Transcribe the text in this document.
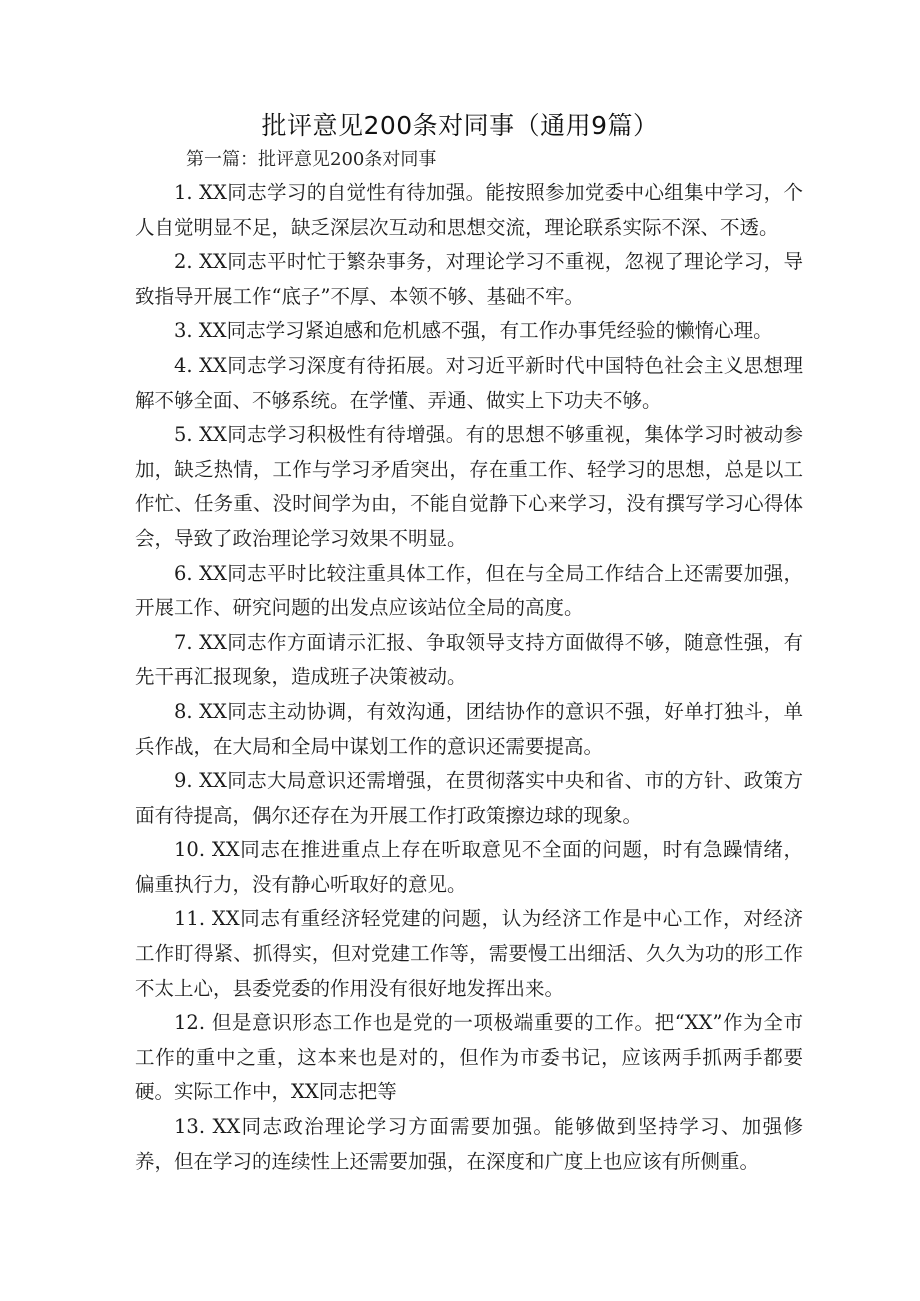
批评意见200条对同事（通用9篇）
第一篇：批评意见200条对同事

1. XX同志学习的自觉性有待加强。能按照参加党委中心组集中学习，个人自觉明显不足，缺乏深层次互动和思想交流，理论联系实际不深、不透。

2. XX同志平时忙于繁杂事务，对理论学习不重视，忽视了理论学习，导致指导开展工作“底子”不厚、本领不够、基础不牢。

3. XX同志学习紧迫感和危机感不强，有工作办事凭经验的懒惰心理。

4. XX同志学习深度有待拓展。对习近平新时代中国特色社会主义思想理解不够全面、不够系统。在学懂、弄通、做实上下功夫不够。

5. XX同志学习积极性有待增强。有的思想不够重视，集体学习时被动参加，缺乏热情，工作与学习矛盾突出，存在重工作、轻学习的思想，总是以工作忙、任务重、没时间学为由，不能自觉静下心来学习，没有撰写学习心得体会，导致了政治理论学习效果不明显。

6. XX同志平时比较注重具体工作，但在与全局工作结合上还需要加强，开展工作、研究问题的出发点应该站位全局的高度。

7. XX同志作方面请示汇报、争取领导支持方面做得不够，随意性强，有先干再汇报现象，造成班子决策被动。

8. XX同志主动协调，有效沟通，团结协作的意识不强，好单打独斗，单兵作战，在大局和全局中谋划工作的意识还需要提高。

9. XX同志大局意识还需增强，在贯彻落实中央和省、市的方针、政策方面有待提高，偶尔还存在为开展工作打政策擦边球的现象。

10. XX同志在推进重点上存在听取意见不全面的问题，时有急躁情绪，偏重执行力，没有静心听取好的意见。

11. XX同志有重经济轻党建的问题，认为经济工作是中心工作，对经济工作盯得紧、抓得实，但对党建工作等，需要慢工出细活、久久为功的形工作不太上心，县委党委的作用没有很好地发挥出来。

12. 但是意识形态工作也是党的一项极端重要的工作。把“XX”作为全市工作的重中之重，这本来也是对的，但作为市委书记，应该两手抓两手都要硬。实际工作中，XX同志把等

13. XX同志政治理论学习方面需要加强。能够做到坚持学习、加强修养，但在学习的连续性上还需要加强，在深度和广度上也应该有所侧重。
